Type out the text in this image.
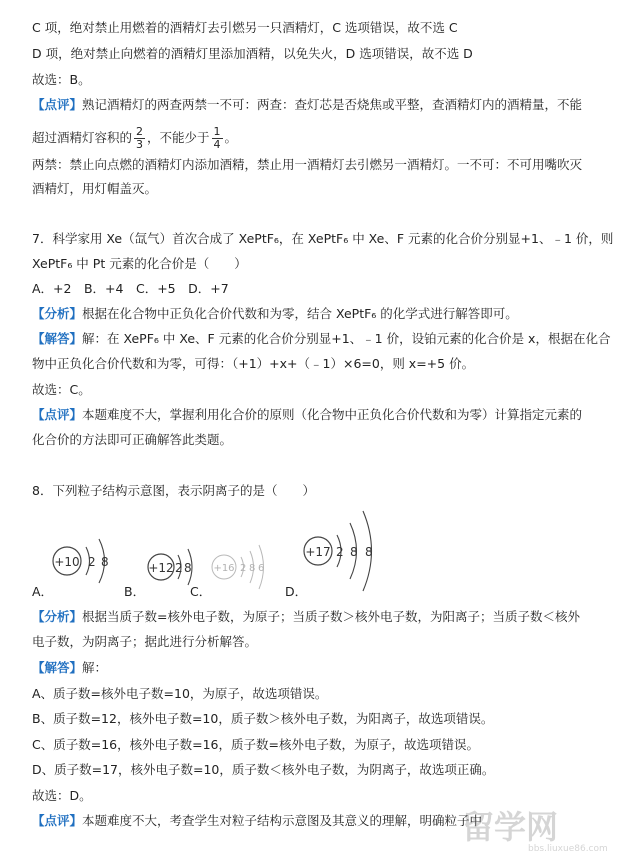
C 项，绝对禁止用燃着的酒精灯去引燃另一只酒精灯，C 选项错误，故不选 C
D 项，绝对禁止向燃着的酒精灯里添加酒精，以免失火，D 选项错误，故不选 D
故选：B。
【点评】熟记酒精灯的两查两禁一不可：两查：查灯芯是否烧焦或平整，查酒精灯内的酒精量，不能
超过酒精灯容积的 $\frac{2}{3}$ ，不能少于 $\frac{1}{4}$ 。
两禁：禁止向点燃的酒精灯内添加酒精，禁止用一酒精灯去引燃另一酒精灯。一不可：不可用嘴吹灭
酒精灯，用灯帽盖灭。
7．科学家用 Xe（氙气）首次合成了 XePtF₆，在 XePtF₆ 中 Xe、F 元素的化合价分别显+1、﹣1 价，则
XePtF₆ 中 Pt 元素的化合价是（　　）
A．+2　B．+4　C．+5　D．+7
【分析】根据在化合物中正负化合价代数和为零，结合 XePtF₆ 的化学式进行解答即可。
【解答】解：在 XePF₆ 中 Xe、F 元素的化合价分别显+1、﹣1 价，设铂元素的化合价是 x，根据在化合
物中正负化合价代数和为零，可得：（+1）+x+（﹣1）×6=0，则 x=+5 价。
故选：C。
【点评】本题难度不大，掌握利用化合价的原则（化合物中正负化合价代数和为零）计算指定元素的
化合价的方法即可正确解答此类题。
8．下列粒子结构示意图，表示阴离子的是（　　）
+10 2 8	+12 2 8 +16 2 8 6
+17 2 8 8
A．	B．	C．	D．
【分析】根据当质子数=核外电子数，为原子；当质子数＞核外电子数，为阳离子；当质子数＜核外
电子数，为阴离子；据此进行分析解答。
【解答】解：
A、质子数=核外电子数=10，为原子，故选项错误。
B、质子数=12，核外电子数=10，质子数＞核外电子数，为阳离子，故选项错误。
C、质子数=16，核外电子数=16，质子数=核外电子数，为原子，故选项错误。
D、质子数=17，核外电子数=10，质子数＜核外电子数，为阴离子，故选项正确。
故选：D。
【点评】本题难度不大，考查学生对粒子结构示意图及其意义的理解，明确粒子中
留学网
bbs.liuxue86.com
